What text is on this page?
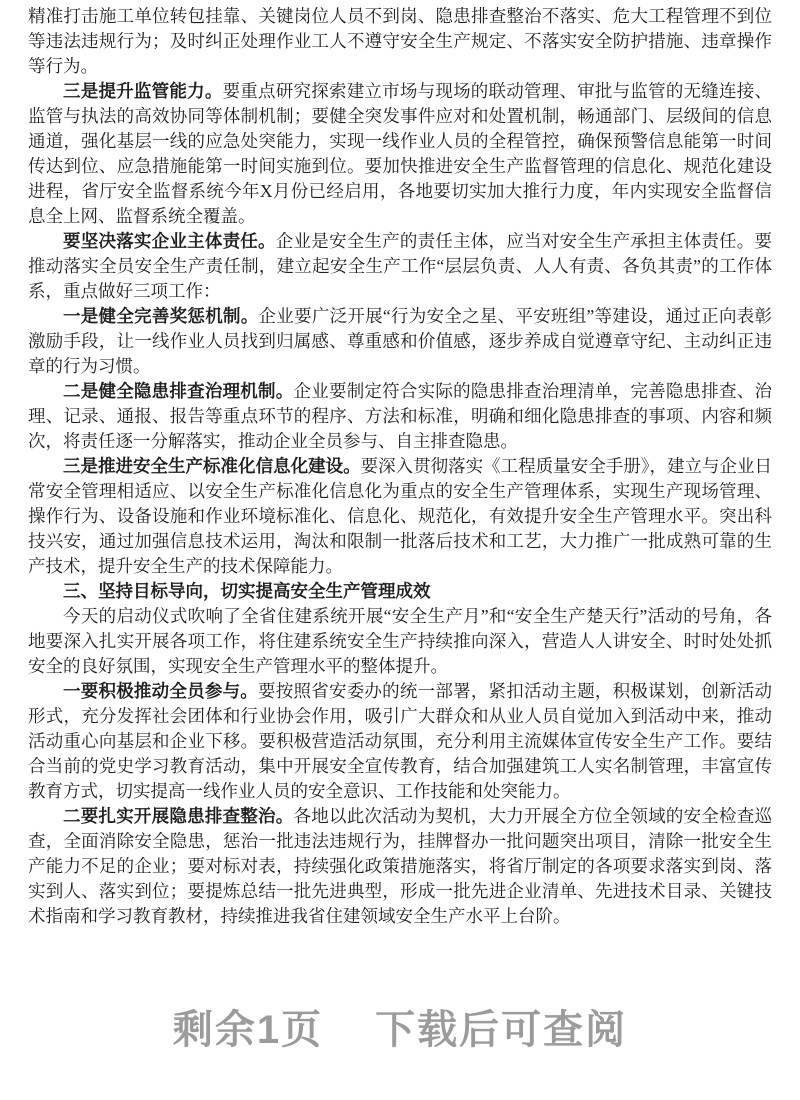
精准打击施工单位转包挂靠、关键岗位人员不到岗、隐患排查整治不落实、危大工程管理不到位等违法违规行为；及时纠正处理作业工人不遵守安全生产规定、不落实安全防护措施、违章操作等行为。

三是提升监管能力。要重点研究探索建立市场与现场的联动管理、审批与监管的无缝连接、监管与执法的高效协同等体制机制；要健全突发事件应对和处置机制，畅通部门、层级间的信息通道，强化基层一线的应急处突能力，实现一线作业人员的全程管控，确保预警信息能第一时间传达到位、应急措施能第一时间实施到位。要加快推进安全生产监督管理的信息化、规范化建设进程，省厅安全监督系统今年X月份已经启用，各地要切实加大推行力度，年内实现安全监督信息全上网、监督系统全覆盖。

要坚决落实企业主体责任。企业是安全生产的责任主体，应当对安全生产承担主体责任。要推动落实全员安全生产责任制，建立起安全生产工作“层层负责、人人有责、各负其责”的工作体系，重点做好三项工作：

一是健全完善奖惩机制。企业要广泛开展“行为安全之星、平安班组”等建设，通过正向表彰激励手段，让一线作业人员找到归属感、尊重感和价值感，逐步养成自觉遵章守纪、主动纠正违章的行为习惯。

二是健全隐患排查治理机制。企业要制定符合实际的隐患排查治理清单，完善隐患排查、治理、记录、通报、报告等重点环节的程序、方法和标准，明确和细化隐患排查的事项、内容和频次，将责任逐一分解落实，推动企业全员参与、自主排查隐患。

三是推进安全生产标准化信息化建设。要深入贯彻落实《工程质量安全手册》，建立与企业日常安全管理相适应、以安全生产标准化信息化为重点的安全生产管理体系，实现生产现场管理、操作行为、设备设施和作业环境标准化、信息化、规范化，有效提升安全生产管理水平。突出科技兴安，通过加强信息技术运用，淘汰和限制一批落后技术和工艺，大力推广一批成熟可靠的生产技术，提升安全生产的技术保障能力。

三、坚持目标导向，切实提高安全生产管理成效

今天的启动仪式吹响了全省住建系统开展“安全生产月”和“安全生产楚天行”活动的号角，各地要深入扎实开展各项工作，将住建系统安全生产持续推向深入，营造人人讲安全、时时处处抓安全的良好氛围，实现安全生产管理水平的整体提升。

一要积极推动全员参与。要按照省安委办的统一部署，紧扣活动主题，积极谋划，创新活动形式，充分发挥社会团体和行业协会作用，吸引广大群众和从业人员自觉加入到活动中来，推动活动重心向基层和企业下移。要积极营造活动氛围，充分利用主流媒体宣传安全生产工作。要结合当前的党史学习教育活动，集中开展安全宣传教育，结合加强建筑工人实名制管理，丰富宣传教育方式，切实提高一线作业人员的安全意识、工作技能和处突能力。

二要扎实开展隐患排查整治。各地以此次活动为契机，大力开展全方位全领域的安全检查巡查，全面消除安全隐患，惩治一批违法违规行为，挂牌督办一批问题突出项目，清除一批安全生产能力不足的企业；要对标对表，持续强化政策措施落实，将省厅制定的各项要求落实到岗、落实到人、落实到位；要提炼总结一批先进典型，形成一批先进企业清单、先进技术目录、关键技术指南和学习教育教材，持续推进我省住建领域安全生产水平上台阶。

剩余1页 下载后可查阅
